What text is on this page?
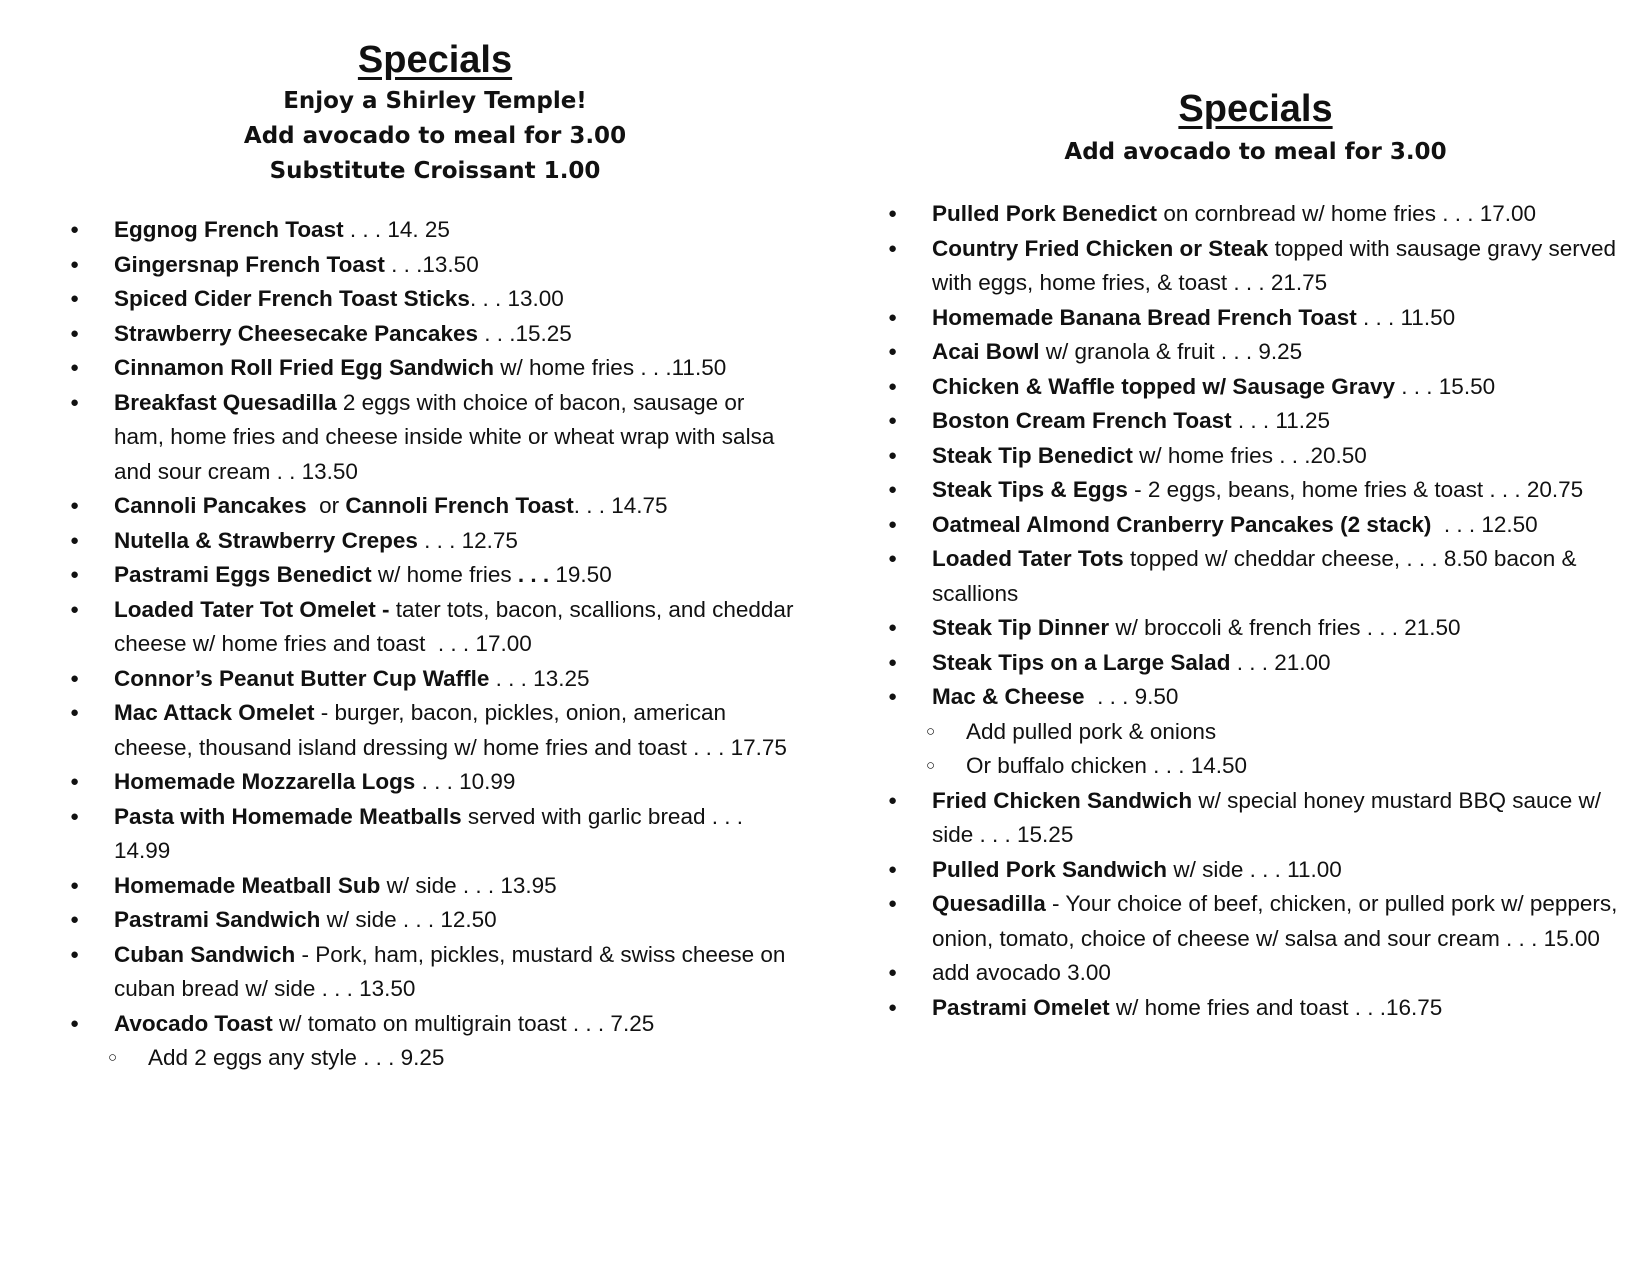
Specials

Enjoy a Shirley Temple!

Add avocado to meal for 3.00

Substitute Croissant 1.00

● Eggnog French Toast . . . 14. 25
● Gingersnap French Toast . . .13.50
● Spiced Cider French Toast Sticks. . . 13.00
● Strawberry Cheesecake Pancakes . . .15.25
● Cinnamon Roll Fried Egg Sandwich w/ home fries . . .11.50
● Breakfast Quesadilla 2 eggs with choice of bacon, sausage or ham, home fries and cheese inside white or wheat wrap with salsa and sour cream . . 13.50
● Cannoli Pancakes  or Cannoli French Toast. . . 14.75
● Nutella & Strawberry Crepes . . . 12.75
● Pastrami Eggs Benedict w/ home fries . . . 19.50
● Loaded Tater Tot Omelet - tater tots, bacon, scallions, and cheddar cheese w/ home fries and toast  . . . 17.00
● Connor’s Peanut Butter Cup Waffle . . . 13.25
● Mac Attack Omelet - burger, bacon, pickles, onion, american cheese, thousand island dressing w/ home fries and toast . . . 17.75
● Homemade Mozzarella Logs . . . 10.99
● Pasta with Homemade Meatballs served with garlic bread . . . 14.99
● Homemade Meatball Sub w/ side . . . 13.95
● Pastrami Sandwich w/ side . . . 12.50
● Cuban Sandwich - Pork, ham, pickles, mustard & swiss cheese on cuban bread w/ side . . . 13.50
● Avocado Toast w/ tomato on multigrain toast . . . 7.25
○ Add 2 eggs any style . . . 9.25
Specials

Add avocado to meal for 3.00

● Pulled Pork Benedict on cornbread w/ home fries . . . 17.00
● Country Fried Chicken or Steak topped with sausage gravy served with eggs, home fries, & toast . . . 21.75
● Homemade Banana Bread French Toast . . . 11.50
● Acai Bowl w/ granola & fruit . . . 9.25
● Chicken & Waffle topped w/ Sausage Gravy . . . 15.50
● Boston Cream French Toast . . . 11.25
● Steak Tip Benedict w/ home fries . . .20.50
● Steak Tips & Eggs - 2 eggs, beans, home fries & toast . . . 20.75
● Oatmeal Almond Cranberry Pancakes (2 stack)  . . . 12.50
● Loaded Tater Tots topped w/ cheddar cheese, . . . 8.50 bacon & scallions
● Steak Tip Dinner w/ broccoli & french fries . . . 21.50
● Steak Tips on a Large Salad . . . 21.00
● Mac & Cheese  . . . 9.50
○ Add pulled pork & onions
○ Or buffalo chicken . . . 14.50
● Fried Chicken Sandwich w/ special honey mustard BBQ sauce w/ side . . . 15.25
● Pulled Pork Sandwich w/ side . . . 11.00
● Quesadilla - Your choice of beef, chicken, or pulled pork w/ peppers, onion, tomato, choice of cheese w/ salsa and sour cream . . . 15.00
● add avocado 3.00
● Pastrami Omelet w/ home fries and toast . . .16.75
